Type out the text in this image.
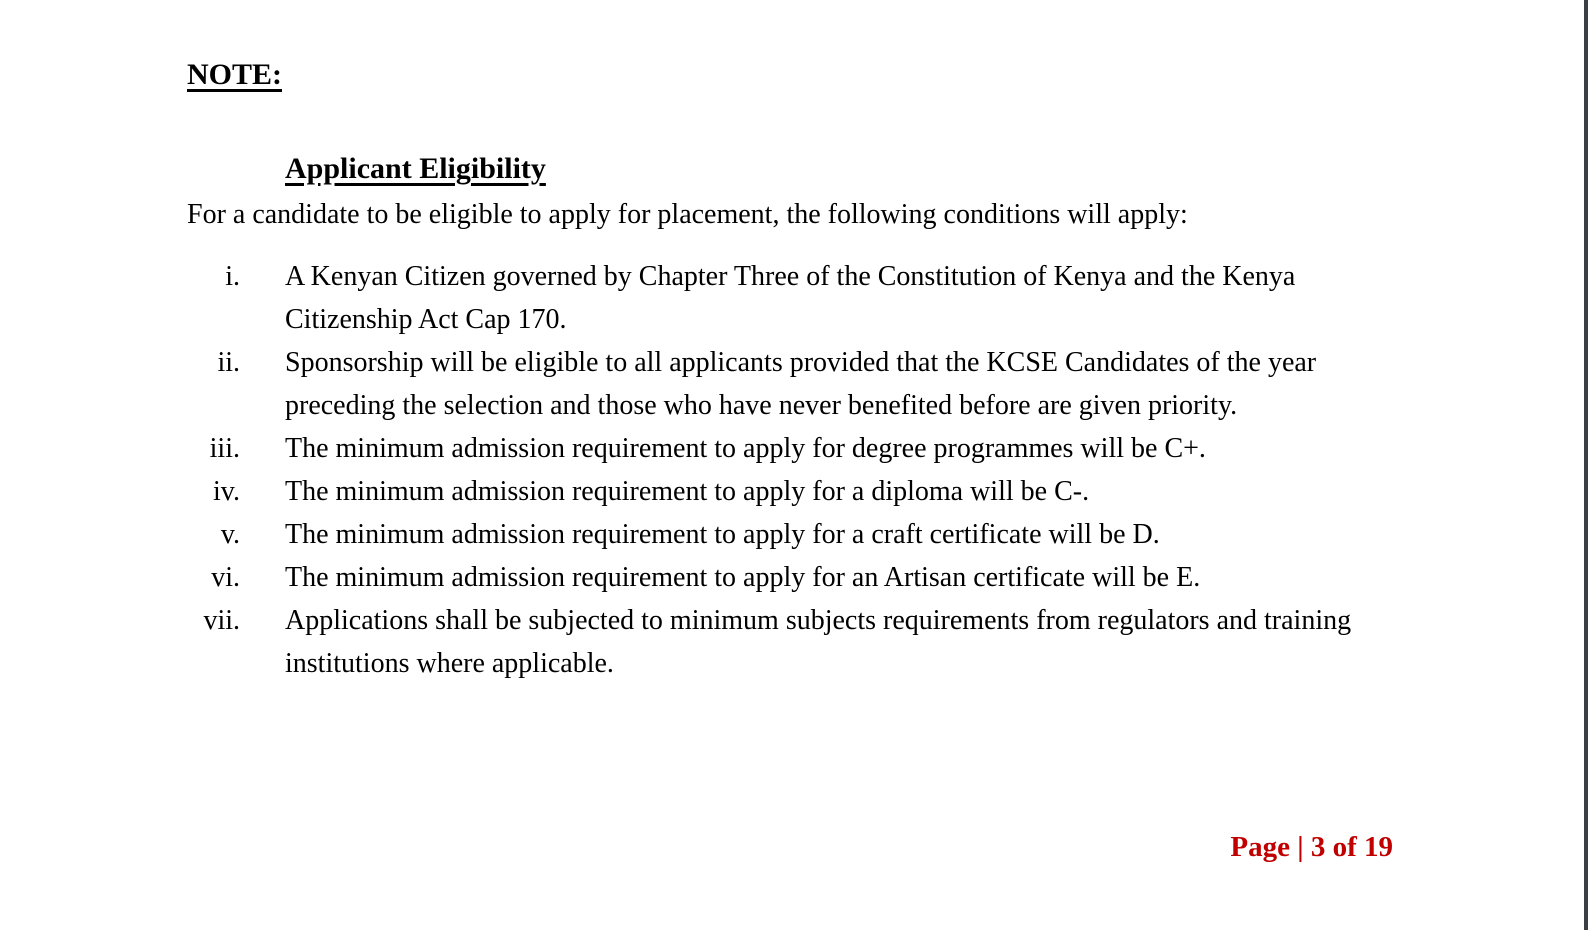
NOTE:
Applicant Eligibility

For a candidate to be eligible to apply for placement, the following conditions will apply:

i. A Kenyan Citizen governed by Chapter Three of the Constitution of Kenya and the Kenya Citizenship Act Cap 170.
ii. Sponsorship will be eligible to all applicants provided that the KCSE Candidates of the year preceding the selection and those who have never benefited before are given priority.
iii. The minimum admission requirement to apply for degree programmes will be C+.
iv. The minimum admission requirement to apply for a diploma will be C-.
v. The minimum admission requirement to apply for a craft certificate will be D.
vi. The minimum admission requirement to apply for an Artisan certificate will be E.
vii. Applications shall be subjected to minimum subjects requirements from regulators and training institutions where applicable.
Page | 3 of 19
